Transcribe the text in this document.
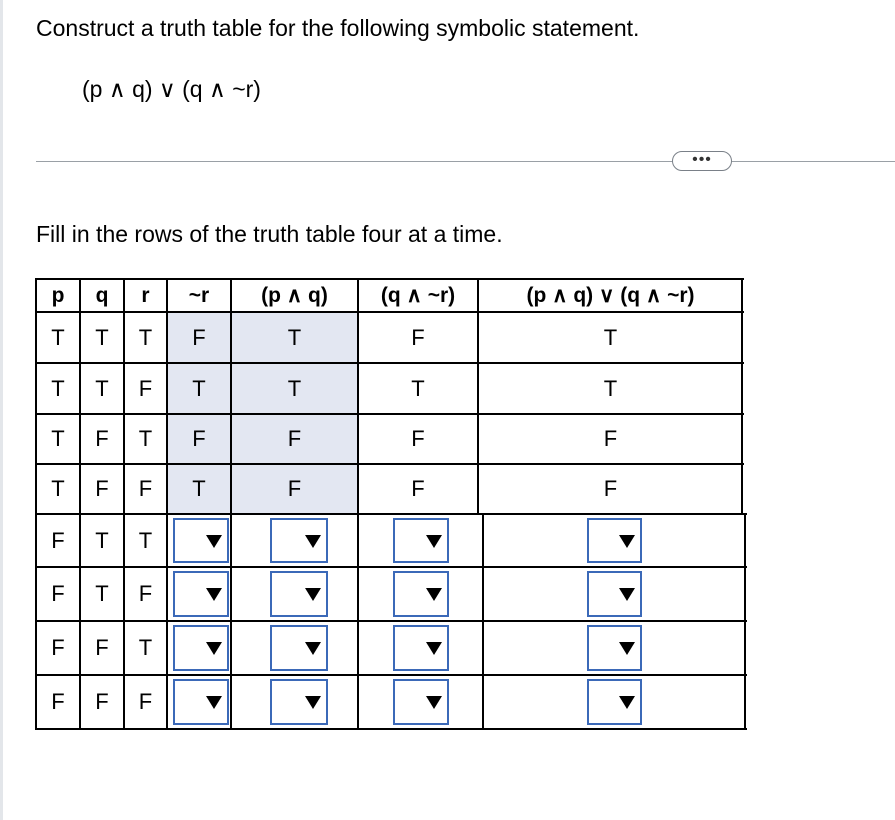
Construct a truth table for the following symbolic statement.
(p ∧ q) ∨ (q ∧ ~r)
•••
Fill in the rows of the truth table four at a time.
p	q	r	~r	(p ∧ q)	(q ∧ ~r)	(p ∧ q) ∨ (q ∧ ~r)
T	T	T	F	T	F	T
T	T	F	T	T	T	T
T	F	T	F	F	F	F
T	F	F	T	F	F	F
F	T	T
F	T	F
F	F	T
F	F	F
